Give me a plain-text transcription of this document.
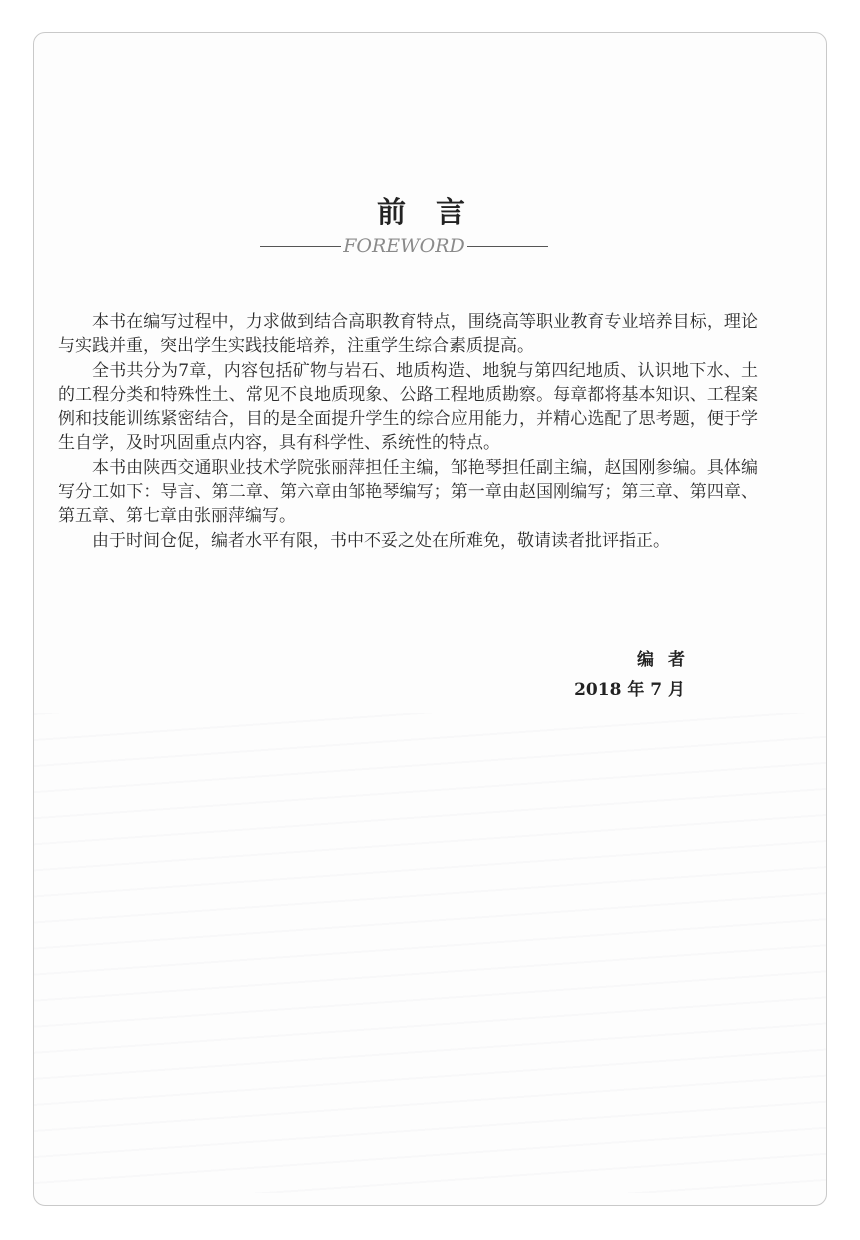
前言
FOREWORD

本书在编写过程中，力求做到结合高职教育特点，围绕高等职业教育专业培养目标，理论与实践并重，突出学生实践技能培养，注重学生综合素质提高。

全书共分为7章，内容包括矿物与岩石、地质构造、地貌与第四纪地质、认识地下水、土的工程分类和特殊性土、常见不良地质现象、公路工程地质勘察。每章都将基本知识、工程案例和技能训练紧密结合，目的是全面提升学生的综合应用能力，并精心选配了思考题，便于学生自学，及时巩固重点内容，具有科学性、系统性的特点。

本书由陕西交通职业技术学院张丽萍担任主编，邹艳琴担任副主编，赵国刚参编。具体编写分工如下：导言、第二章、第六章由邹艳琴编写；第一章由赵国刚编写；第三章、第四章、第五章、第七章由张丽萍编写。

由于时间仓促，编者水平有限，书中不妥之处在所难免，敬请读者批评指正。

编者
2018 年 7 月
